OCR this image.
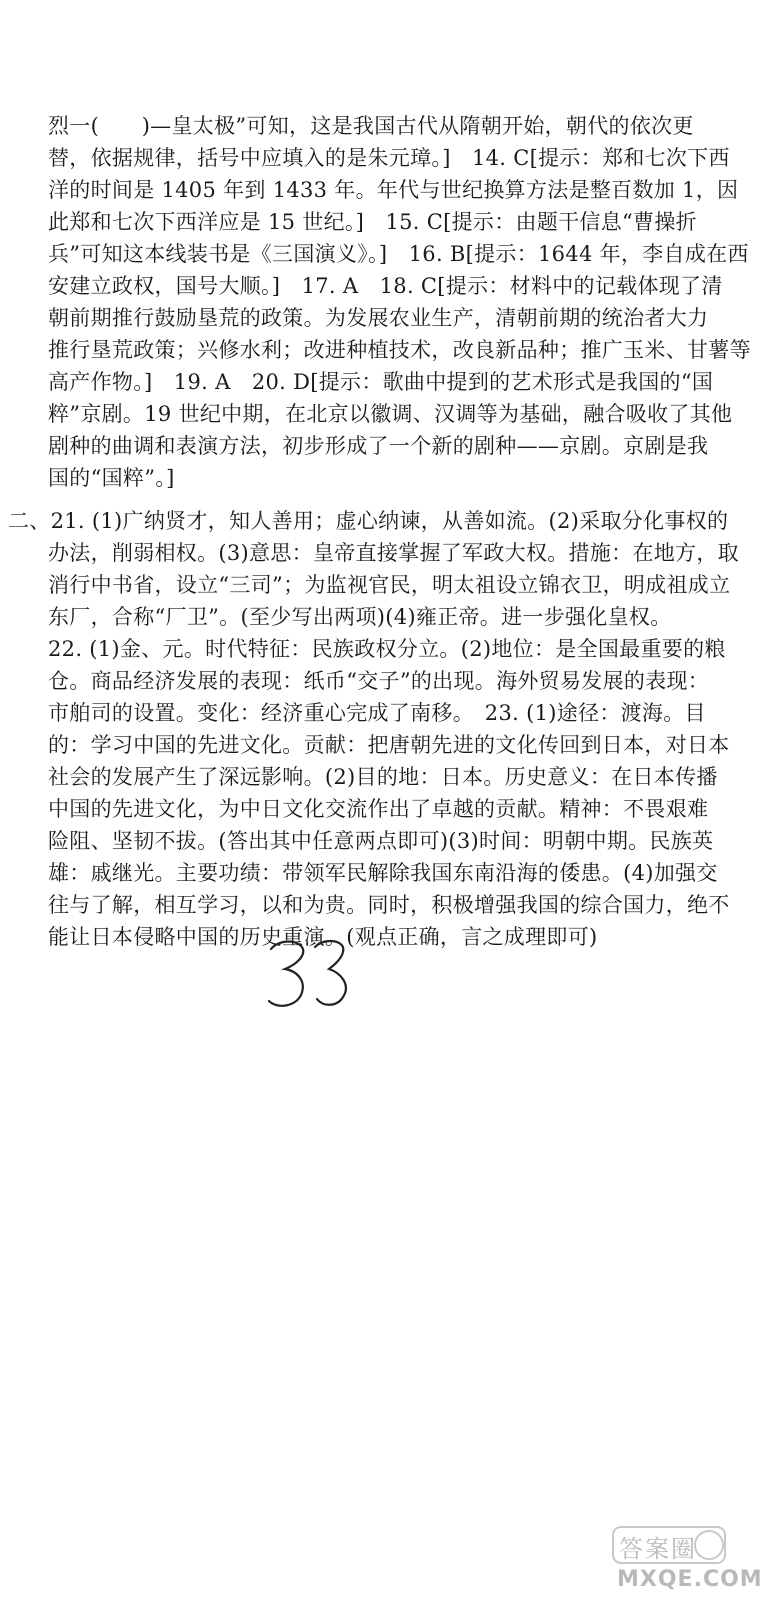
烈一(　　)—皇太极”可知，这是我国古代从隋朝开始，朝代的依次更
替，依据规律，括号中应填入的是朱元璋。]　14. C[提示：郑和七次下西
洋的时间是 1405 年到 1433 年。年代与世纪换算方法是整百数加 1，因
此郑和七次下西洋应是 15 世纪。]　15. C[提示：由题干信息“曹操折
兵”可知这本线装书是《三国演义》。]　16. B[提示：1644 年，李自成在西
安建立政权，国号大顺。]　17. A　18. C[提示：材料中的记载体现了清
朝前期推行鼓励垦荒的政策。为发展农业生产，清朝前期的统治者大力
推行垦荒政策；兴修水利；改进种植技术，改良新品种；推广玉米、甘薯等
高产作物。]　19. A　20. D[提示：歌曲中提到的艺术形式是我国的“国
粹”京剧。19 世纪中期，在北京以徽调、汉调等为基础，融合吸收了其他
剧种的曲调和表演方法，初步形成了一个新的剧种——京剧。京剧是我
国的“国粹”。]
二、21. (1)广纳贤才，知人善用；虚心纳谏，从善如流。(2)采取分化事权的
办法，削弱相权。(3)意思：皇帝直接掌握了军政大权。措施：在地方，取
消行中书省，设立“三司”；为监视官民，明太祖设立锦衣卫，明成祖成立
东厂，合称“厂卫”。(至少写出两项)(4)雍正帝。进一步强化皇权。
22. (1)金、元。时代特征：民族政权分立。(2)地位：是全国最重要的粮
仓。商品经济发展的表现：纸币“交子”的出现。海外贸易发展的表现：
市舶司的设置。变化：经济重心完成了南移。　23. (1)途径：渡海。目
的：学习中国的先进文化。贡献：把唐朝先进的文化传回到日本，对日本
社会的发展产生了深远影响。(2)目的地：日本。历史意义：在日本传播
中国的先进文化，为中日文化交流作出了卓越的贡献。精神：不畏艰难
险阻、坚韧不拔。(答出其中任意两点即可)(3)时间：明朝中期。民族英
雄：戚继光。主要功绩：带领军民解除我国东南沿海的倭患。(4)加强交
往与了解，相互学习，以和为贵。同时，积极增强我国的综合国力，绝不
能让日本侵略中国的历史重演。(观点正确，言之成理即可)
答案圈
MXQE.COM
